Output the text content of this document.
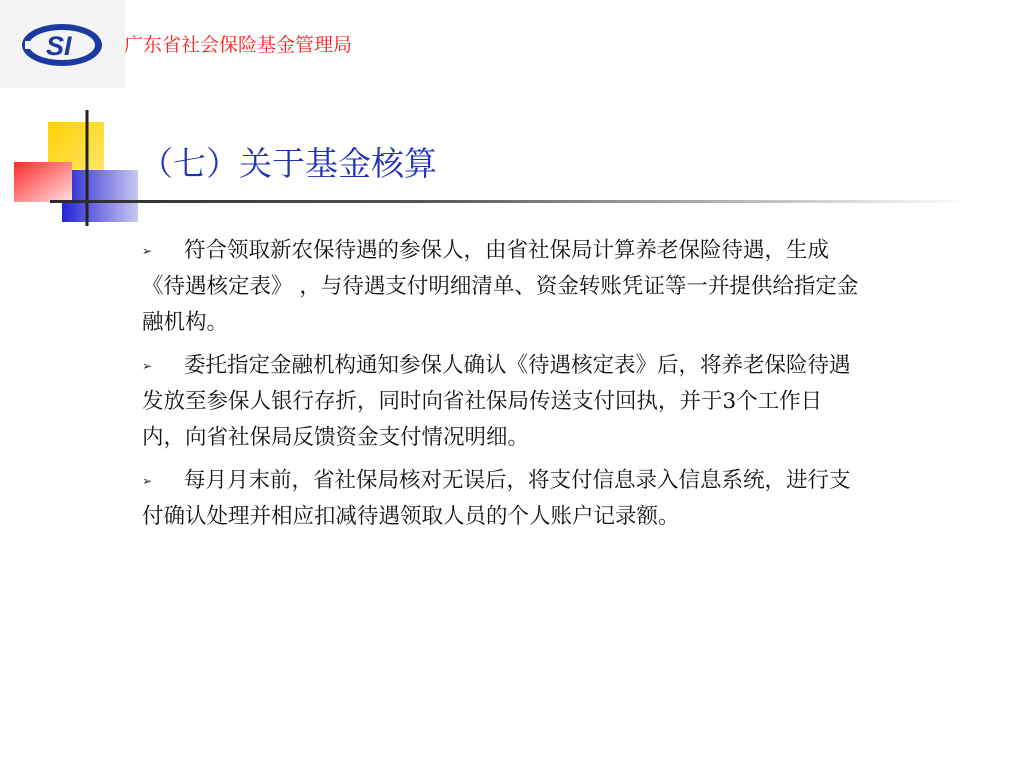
SI	广东省社会保险基金管理局
（七）关于基金核算
➢ 符合领取新农保待遇的参保人，由省社保局计算养老保险待遇，生成《待遇核定表》 ，与待遇支付明细清单、资金转账凭证等一并提供给指定金融机构。
➢ 委托指定金融机构通知参保人确认《待遇核定表》后，将养老保险待遇发放至参保人银行存折，同时向省社保局传送支付回执，并于3个工作日内，向省社保局反馈资金支付情况明细。
➢ 每月月末前，省社保局核对无误后，将支付信息录入信息系统，进行支付确认处理并相应扣减待遇领取人员的个人账户记录额。
